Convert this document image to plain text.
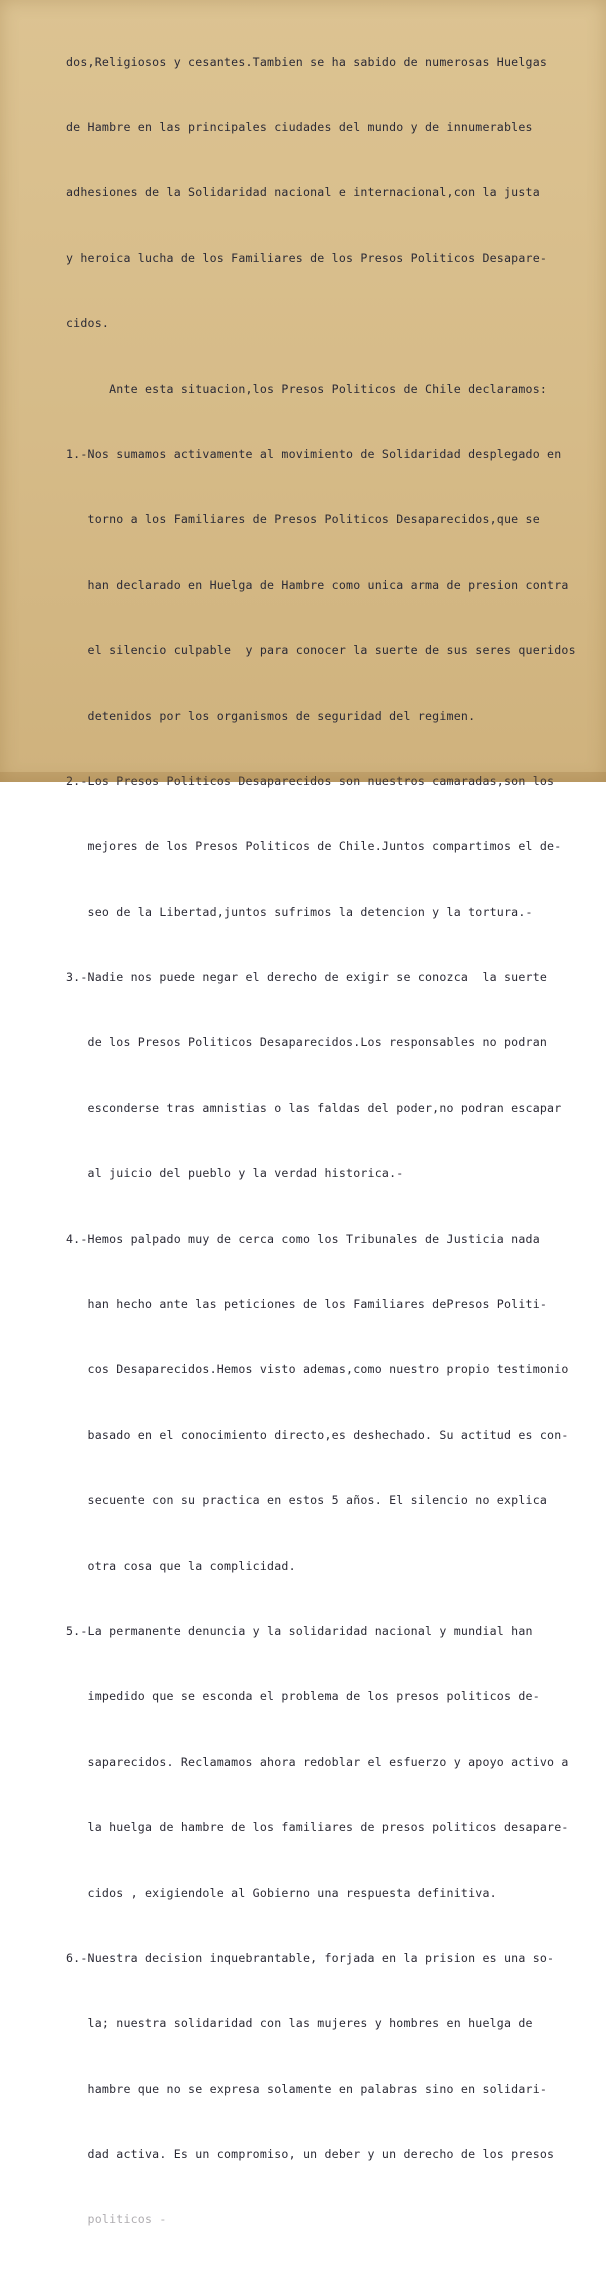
dos,Religiosos y cesantes.Tambien se ha sabido de numerosas Huelgas

de Hambre en las principales ciudades del mundo y de innumerables

adhesiones de la Solidaridad nacional e internacional,con la justa

y heroica lucha de los Familiares de los Presos Politicos Desapare-

cidos.

Ante esta situacion,los Presos Politicos de Chile declaramos:

1.-Nos sumamos activamente al movimiento de Solidaridad desplegado en

torno a los Familiares de Presos Politicos Desaparecidos,que se

han declarado en Huelga de Hambre como unica arma de presion contra

el silencio culpable  y para conocer la suerte de sus seres queridos

detenidos por los organismos de seguridad del regimen.

2.-Los Presos Politicos Desaparecidos son nuestros camaradas,son los

mejores de los Presos Politicos de Chile.Juntos compartimos el de-

seo de la Libertad,juntos sufrimos la detencion y la tortura.-

3.-Nadie nos puede negar el derecho de exigir se conozca  la suerte

de los Presos Politicos Desaparecidos.Los responsables no podran

esconderse tras amnistias o las faldas del poder,no podran escapar

al juicio del pueblo y la verdad historica.-

4.-Hemos palpado muy de cerca como los Tribunales de Justicia nada

han hecho ante las peticiones de los Familiares dePresos Politi-

cos Desaparecidos.Hemos visto ademas,como nuestro propio testimonio

basado en el conocimiento directo,es deshechado. Su actitud es con-

secuente con su practica en estos 5 años. El silencio no explica

otra cosa que la complicidad.

5.-La permanente denuncia y la solidaridad nacional y mundial han

impedido que se esconda el problema de los presos politicos de-

saparecidos. Reclamamos ahora redoblar el esfuerzo y apoyo activo a

la huelga de hambre de los familiares de presos politicos desapare-

cidos , exigiendole al Gobierno una respuesta definitiva.

6.-Nuestra decision inquebrantable, forjada en la prision es una so-

la; nuestra solidaridad con las mujeres y hombres en huelga de

hambre que no se expresa solamente en palabras sino en solidari-

dad activa. Es un compromiso, un deber y un derecho de los presos

politicos -
